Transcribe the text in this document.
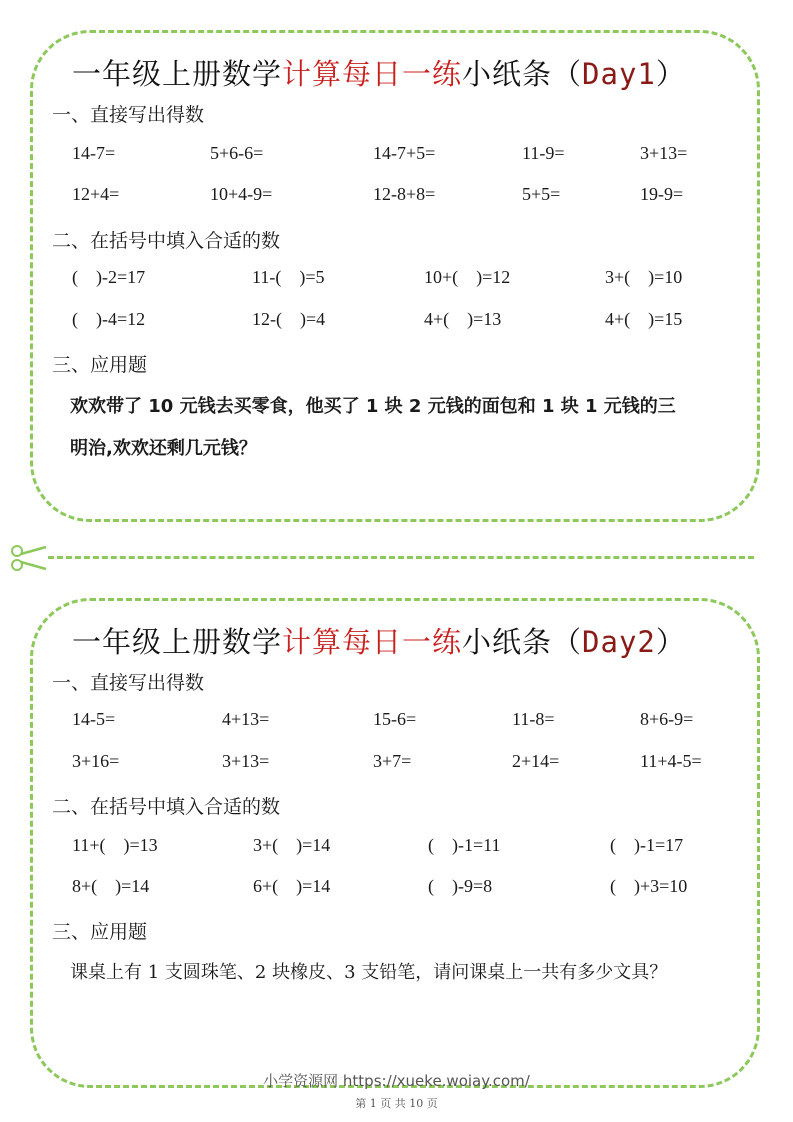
一年级上册数学计算每日一练小纸条（Day1）
一、直接写出得数
14-7=	5+6-6=	14-7+5=	11-9=	3+13=
12+4=	10+4-9=	12-8+8=	5+5=	19-9=
二、在括号中填入合适的数
(    )-2=17	11-(    )=5	10+(    )=12	3+(    )=10
(    )-4=12	12-(    )=4	4+(    )=13	4+(    )=15
三、应用题
欢欢带了 10 元钱去买零食，他买了 1 块 2 元钱的面包和 1 块 1 元钱的三
明治,欢欢还剩几元钱？
一年级上册数学计算每日一练小纸条（Day2）
一、直接写出得数
14-5=	4+13=	15-6=	11-8=	8+6-9=
3+16=	3+13=	3+7=	2+14=	11+4-5=
二、在括号中填入合适的数
11+(    )=13	3+(    )=14	(    )-1=11	(    )-1=17
8+(    )=14	6+(    )=14	(    )-9=8	(    )+3=10
三、应用题
课桌上有 1 支圆珠笔、2 块橡皮、3 支铅笔，请问课桌上一共有多少文具？
小学资源网 https://xueke.woiay.com/
第 1 页 共 10 页
